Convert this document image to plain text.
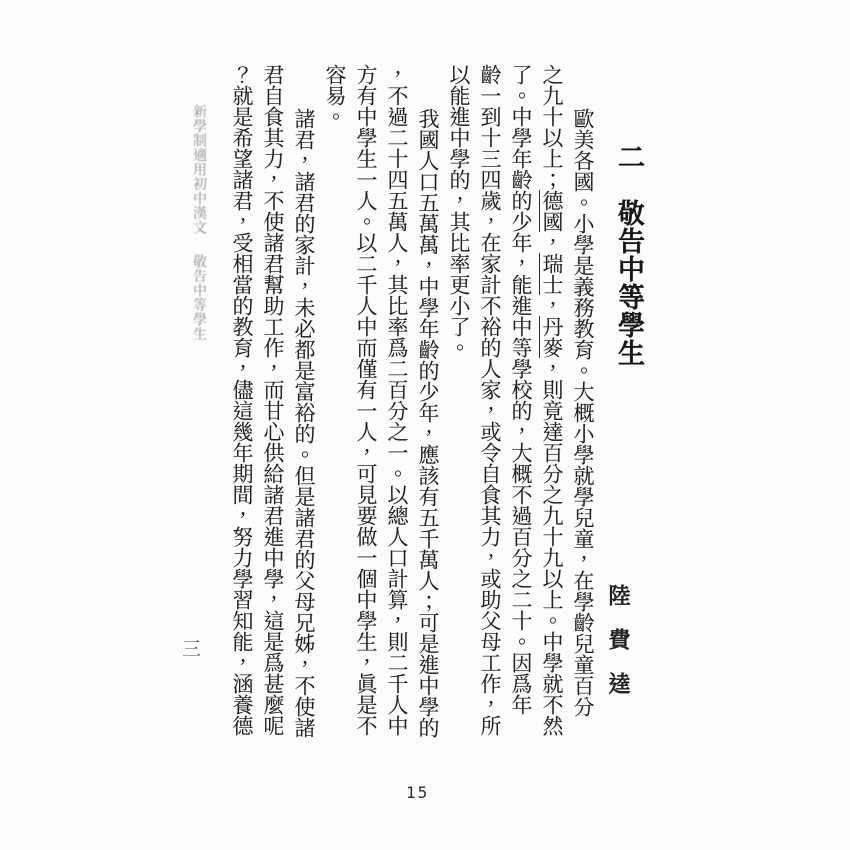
新學制適用初中漢文
敬告中等學生
三
二　敬告中等學生
陸費逵
歐美各國。小學是義務教育。大概小學就學兒童，在學齡兒童百分
之九十以上；德國，瑞士，丹麥，則竟達百分之九十九以上。中學就不然
了。中學年齡的少年，能進中等學校的，大概不過百分之二十。因爲年
齡一到十三四歲，在家計不裕的人家，或令自食其力，或助父母工作，所
以能進中學的，其比率更小了。
我國人口五萬萬，中學年齡的少年，應該有五千萬人；可是進中學的
，不過二十四五萬人，其比率爲二百分之一。以總人口計算，則二千人中
方有中學生一人。以二千人中而僅有一人，可見要做一個中學生，眞是不
容易。
諸君，諸君的家計，未必都是富裕的。但是諸君的父母兄姊，不使諸
君自食其力，不使諸君幫助工作，而甘心供給諸君進中學，這是爲甚麼呢
？就是希望諸君，受相當的教育，儘這幾年期間，努力學習知能，涵養德
15
